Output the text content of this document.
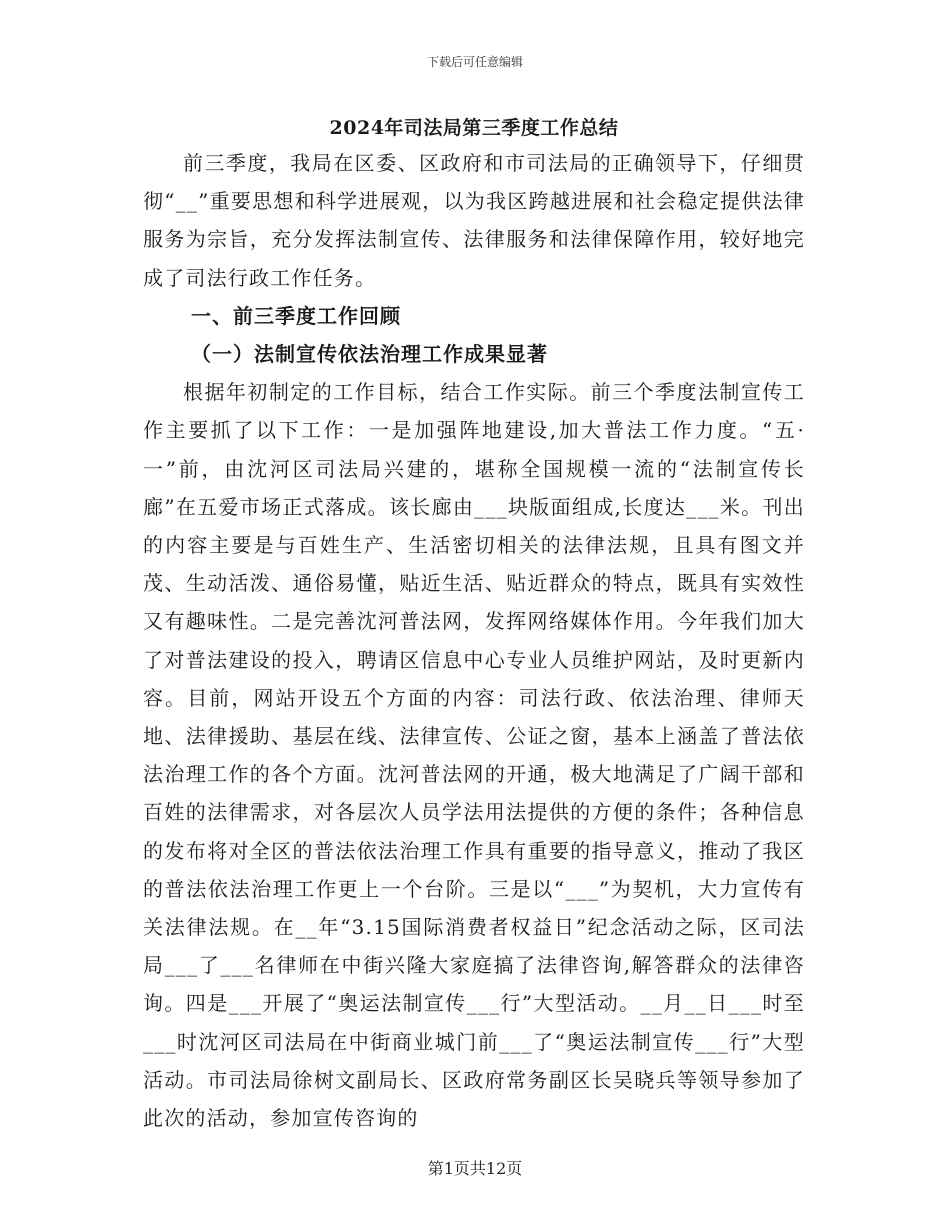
下载后可任意编辑
2024年司法局第三季度工作总结

前三季度，我局在区委、区政府和市司法局的正确领导下，仔细贯彻“__”重要思想和科学进展观，以为我区跨越进展和社会稳定提供法律服务为宗旨，充分发挥法制宣传、法律服务和法律保障作用，较好地完成了司法行政工作任务。

一、前三季度工作回顾

（一）法制宣传依法治理工作成果显著

根据年初制定的工作目标，结合工作实际。前三个季度法制宣传工作主要抓了以下工作：一是加强阵地建设,加大普法工作力度。“五·一”前，由沈河区司法局兴建的，堪称全国规模一流的“法制宣传长廊”在五爱市场正式落成。该长廊由___块版面组成,长度达___米。刊出的内容主要是与百姓生产、生活密切相关的法律法规，且具有图文并茂、生动活泼、通俗易懂，贴近生活、贴近群众的特点，既具有实效性又有趣味性。二是完善沈河普法网，发挥网络媒体作用。今年我们加大了对普法建设的投入，聘请区信息中心专业人员维护网站，及时更新内容。目前，网站开设五个方面的内容：司法行政、依法治理、律师天地、法律援助、基层在线、法律宣传、公证之窗，基本上涵盖了普法依法治理工作的各个方面。沈河普法网的开通，极大地满足了广阔干部和百姓的法律需求，对各层次人员学法用法提供的方便的条件；各种信息的发布将对全区的普法依法治理工作具有重要的指导意义，推动了我区的普法依法治理工作更上一个台阶。三是以“___”为契机，大力宣传有关法律法规。在__年“3.15国际消费者权益日”纪念活动之际，区司法局___了___名律师在中街兴隆大家庭搞了法律咨询,解答群众的法律咨询。四是___开展了“奥运法制宣传___行”大型活动。__月__日___时至___时沈河区司法局在中街商业城门前___了“奥运法制宣传___行”大型活动。市司法局徐树文副局长、区政府常务副区长吴晓兵等领导参加了此次的活动，参加宣传咨询的

第1页共12页
